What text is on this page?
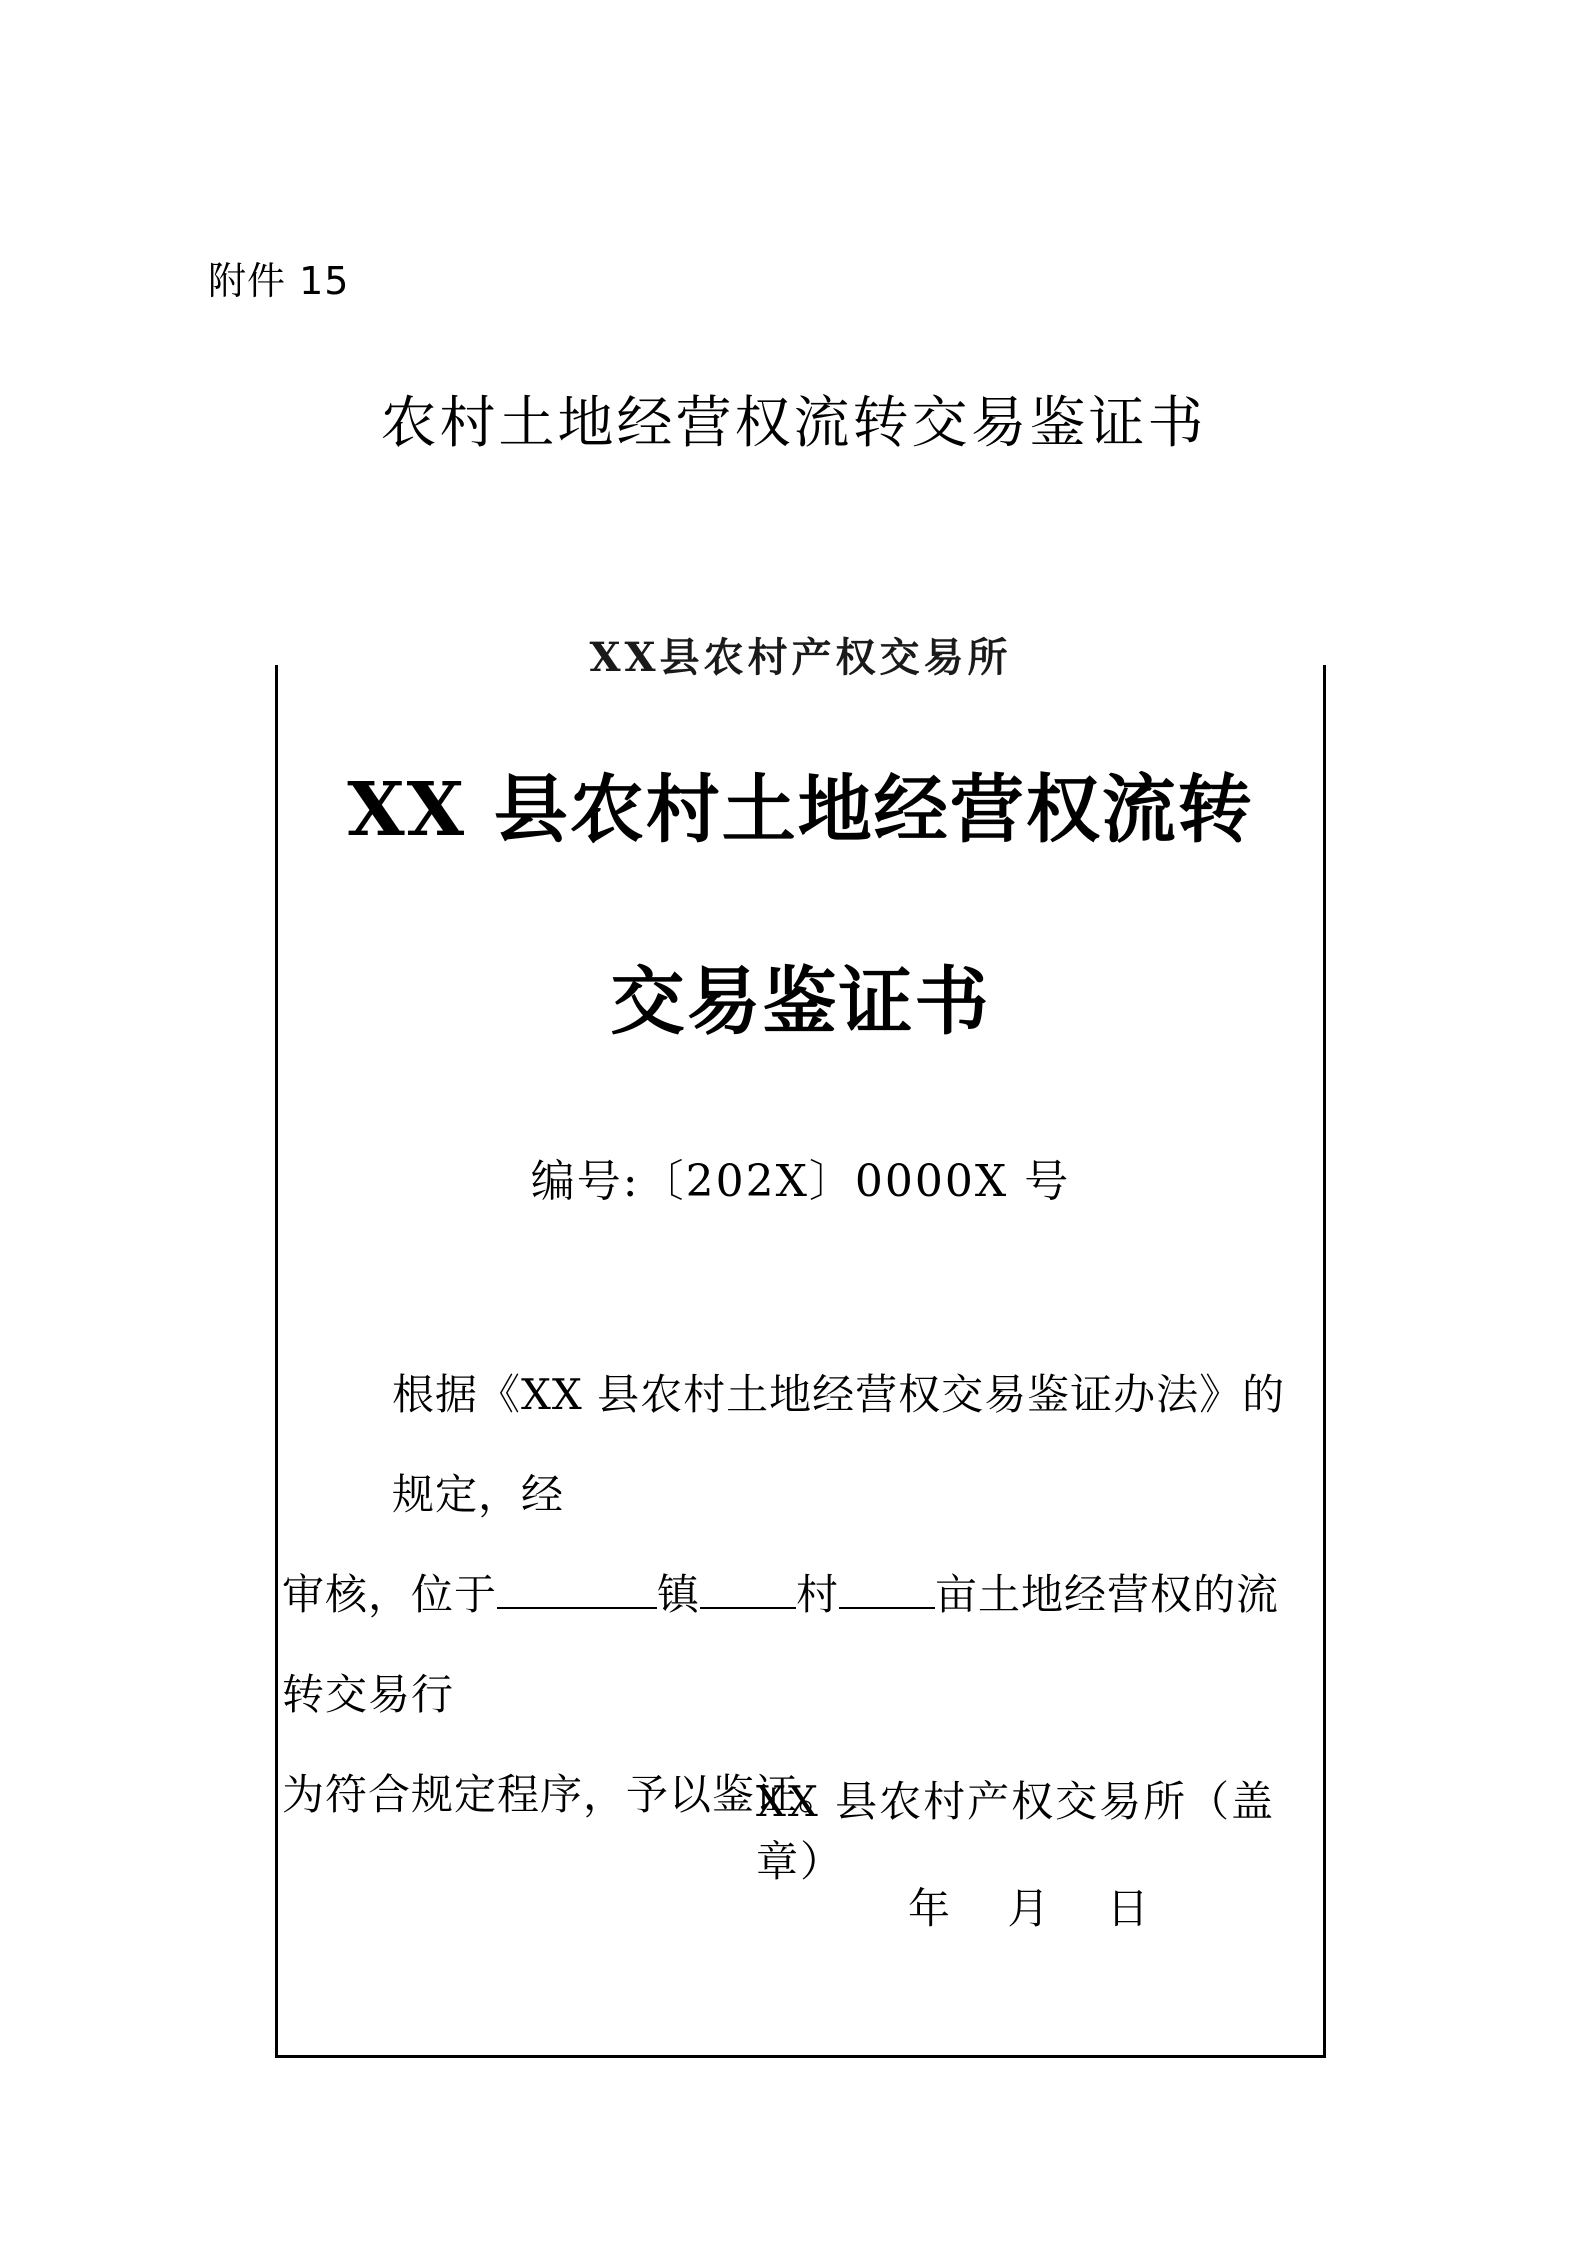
附件 15
农村土地经营权流转交易鉴证书
XX县农村产权交易所
XX 县农村土地经营权流转
交易鉴证书
编号:〔202X〕0000X 号
根据《XX 县农村土地经营权交易鉴证办法》的规定，经
审核，位于	镇 村 亩土地经营权的流转交易行
为符合规定程序，予以鉴证。
XX 县农村产权交易所（盖章）
年 月 日
